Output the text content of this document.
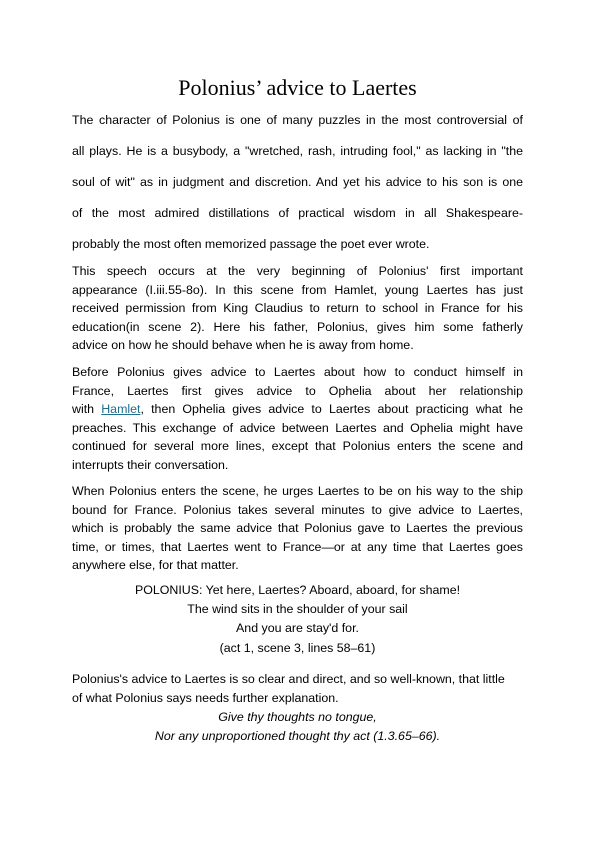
Polonius’ advice to Laertes
The character of Polonius is one of many puzzles in the most controversial of
all plays. He is a busybody, a "wretched, rash, intruding fool," as lacking in "the
soul of wit" as in judgment and discretion. And yet his advice to his son is one
of the most admired distillations of practical wisdom in all Shakespeare-
probably the most often memorized passage the poet ever wrote.
This speech occurs at the very beginning of Polonius' first important
appearance (I.iii.55-8o). In this scene from Hamlet, young Laertes has just
received permission from King Claudius to return to school in France for his
education(in scene 2). Here his father, Polonius, gives him some fatherly
advice on how he should behave when he is away from home.
Before Polonius gives advice to Laertes about how to conduct himself in
France, Laertes first gives advice to Ophelia about her relationship
with Hamlet, then Ophelia gives advice to Laertes about practicing what he
preaches. This exchange of advice between Laertes and Ophelia might have
continued for several more lines, except that Polonius enters the scene and
interrupts their conversation.
When Polonius enters the scene, he urges Laertes to be on his way to the ship
bound for France. Polonius takes several minutes to give advice to Laertes,
which is probably the same advice that Polonius gave to Laertes the previous
time, or times, that Laertes went to France—or at any time that Laertes goes
anywhere else, for that matter.
POLONIUS: Yet here, Laertes? Aboard, aboard, for shame!
The wind sits in the shoulder of your sail
And you are stay'd for.
(act 1, scene 3, lines 58–61)
Polonius's advice to Laertes is so clear and direct, and so well-known, that little
of what Polonius says needs further explanation.
Give thy thoughts no tongue,
Nor any unproportioned thought thy act (1.3.65–66).
